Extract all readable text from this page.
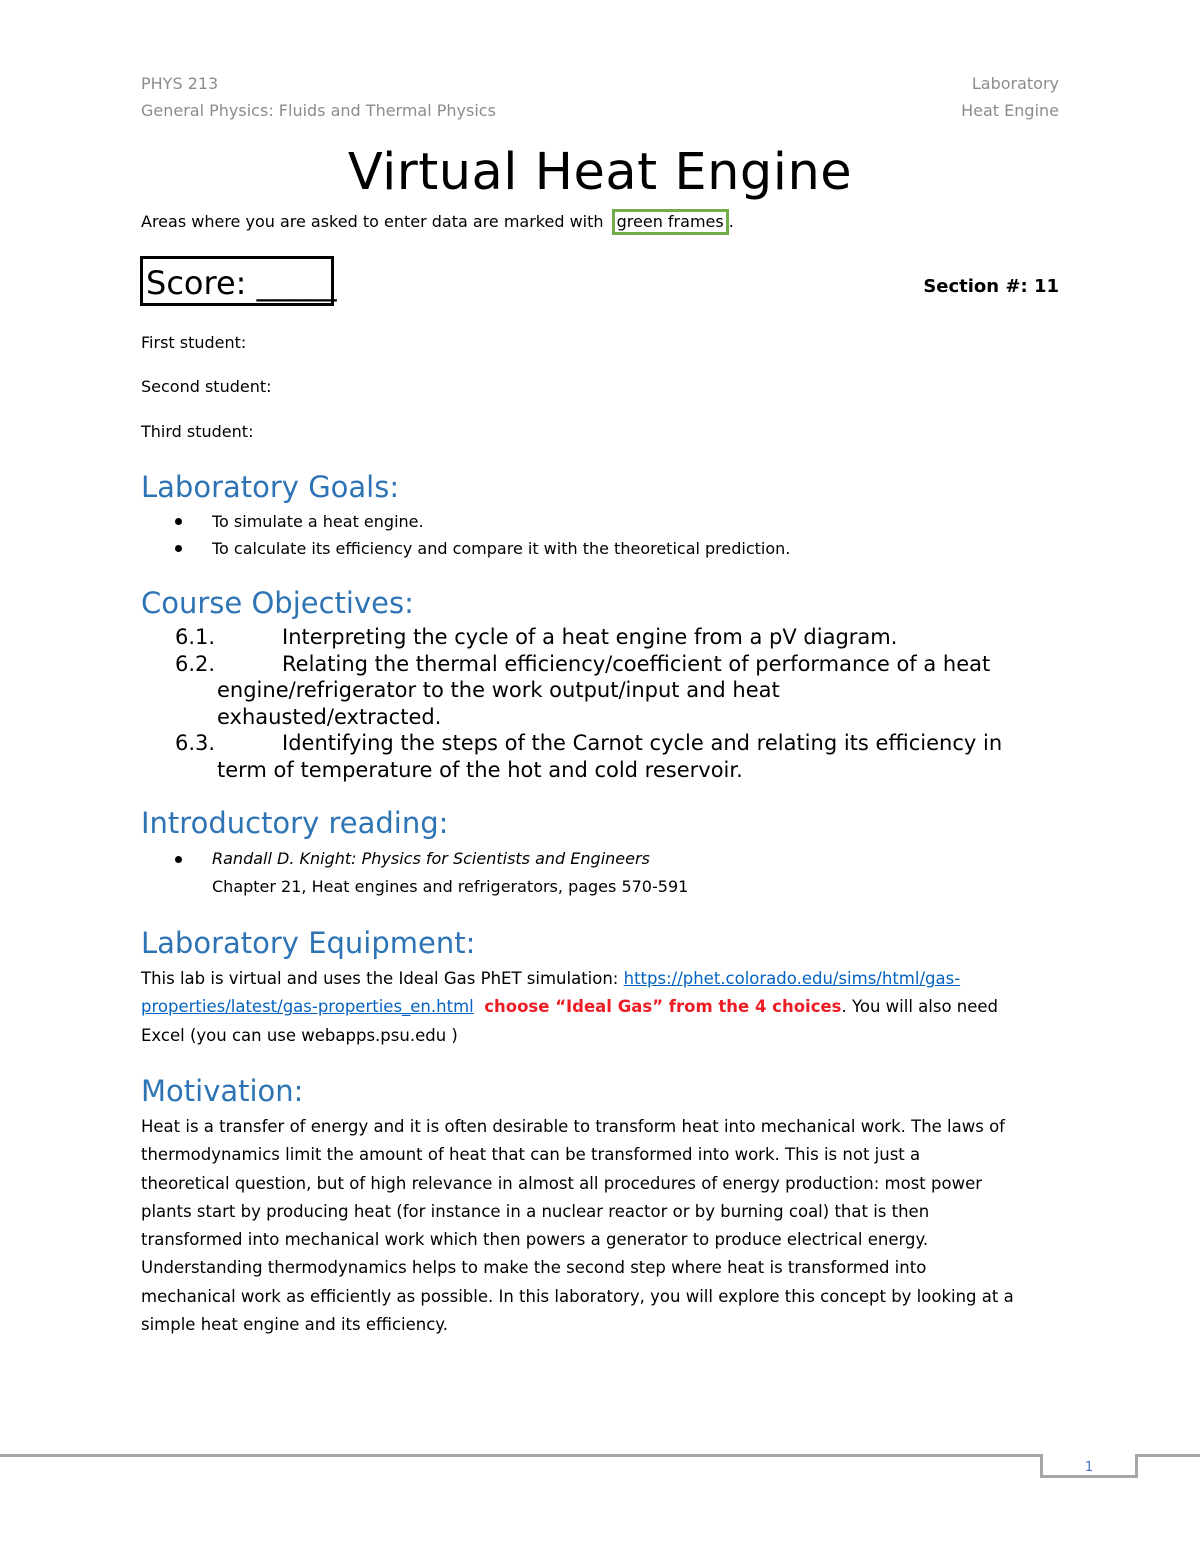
PHYS 213
General Physics: Fluids and Thermal Physics
Laboratory
Heat Engine
Virtual Heat Engine
Areas where you are asked to enter data are marked with green frames .
Score: _____	Section #: 11
First student:
Second student:
Third student:
Laboratory Goals:
To simulate a heat engine.
To calculate its efficiency and compare it with the theoretical prediction.
Course Objectives:
6.1.	Interpreting the cycle of a heat engine from a pV diagram.
6.2.	Relating the thermal efficiency/coefficient of performance of a heat
engine/refrigerator to the work output/input and heat
exhausted/extracted.
6.3.	Identifying the steps of the Carnot cycle and relating its efficiency in
term of temperature of the hot and cold reservoir.
Introductory reading:
Randall D. Knight: Physics for Scientists and Engineers
Chapter 21, Heat engines and refrigerators, pages 570-591
Laboratory Equipment:
This lab is virtual and uses the Ideal Gas PhET simulation: https://phet.colorado.edu/sims/html/gas-
properties/latest/gas-properties_en.html choose “Ideal Gas” from the 4 choices. You will also need
Excel (you can use webapps.psu.edu )
Motivation:
Heat is a transfer of energy and it is often desirable to transform heat into mechanical work. The laws of
thermodynamics limit the amount of heat that can be transformed into work. This is not just a
theoretical question, but of high relevance in almost all procedures of energy production: most power
plants start by producing heat (for instance in a nuclear reactor or by burning coal) that is then
transformed into mechanical work which then powers a generator to produce electrical energy.
Understanding thermodynamics helps to make the second step where heat is transformed into
mechanical work as efficiently as possible. In this laboratory, you will explore this concept by looking at a
simple heat engine and its efficiency.
1
